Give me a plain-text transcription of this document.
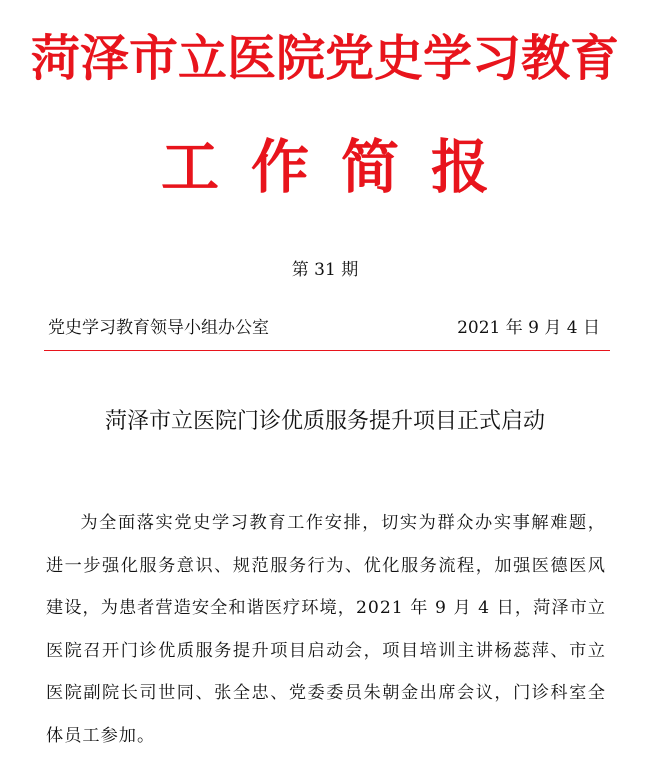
菏泽市立医院党史学习教育
工作简报
第 31 期
党史学习教育领导小组办公室	2021 年 9 月 4 日
菏泽市立医院门诊优质服务提升项目正式启动

为全面落实党史学习教育工作安排，切实为群众办实事解难题，进一步强化服务意识、规范服务行为、优化服务流程，加强医德医风建设，为患者营造安全和谐医疗环境，2021 年 9 月 4 日，菏泽市立医院召开门诊优质服务提升项目启动会，项目培训主讲杨蕊萍、市立医院副院长司世同、张全忠、党委委员朱朝金出席会议，门诊科室全体员工参加。
